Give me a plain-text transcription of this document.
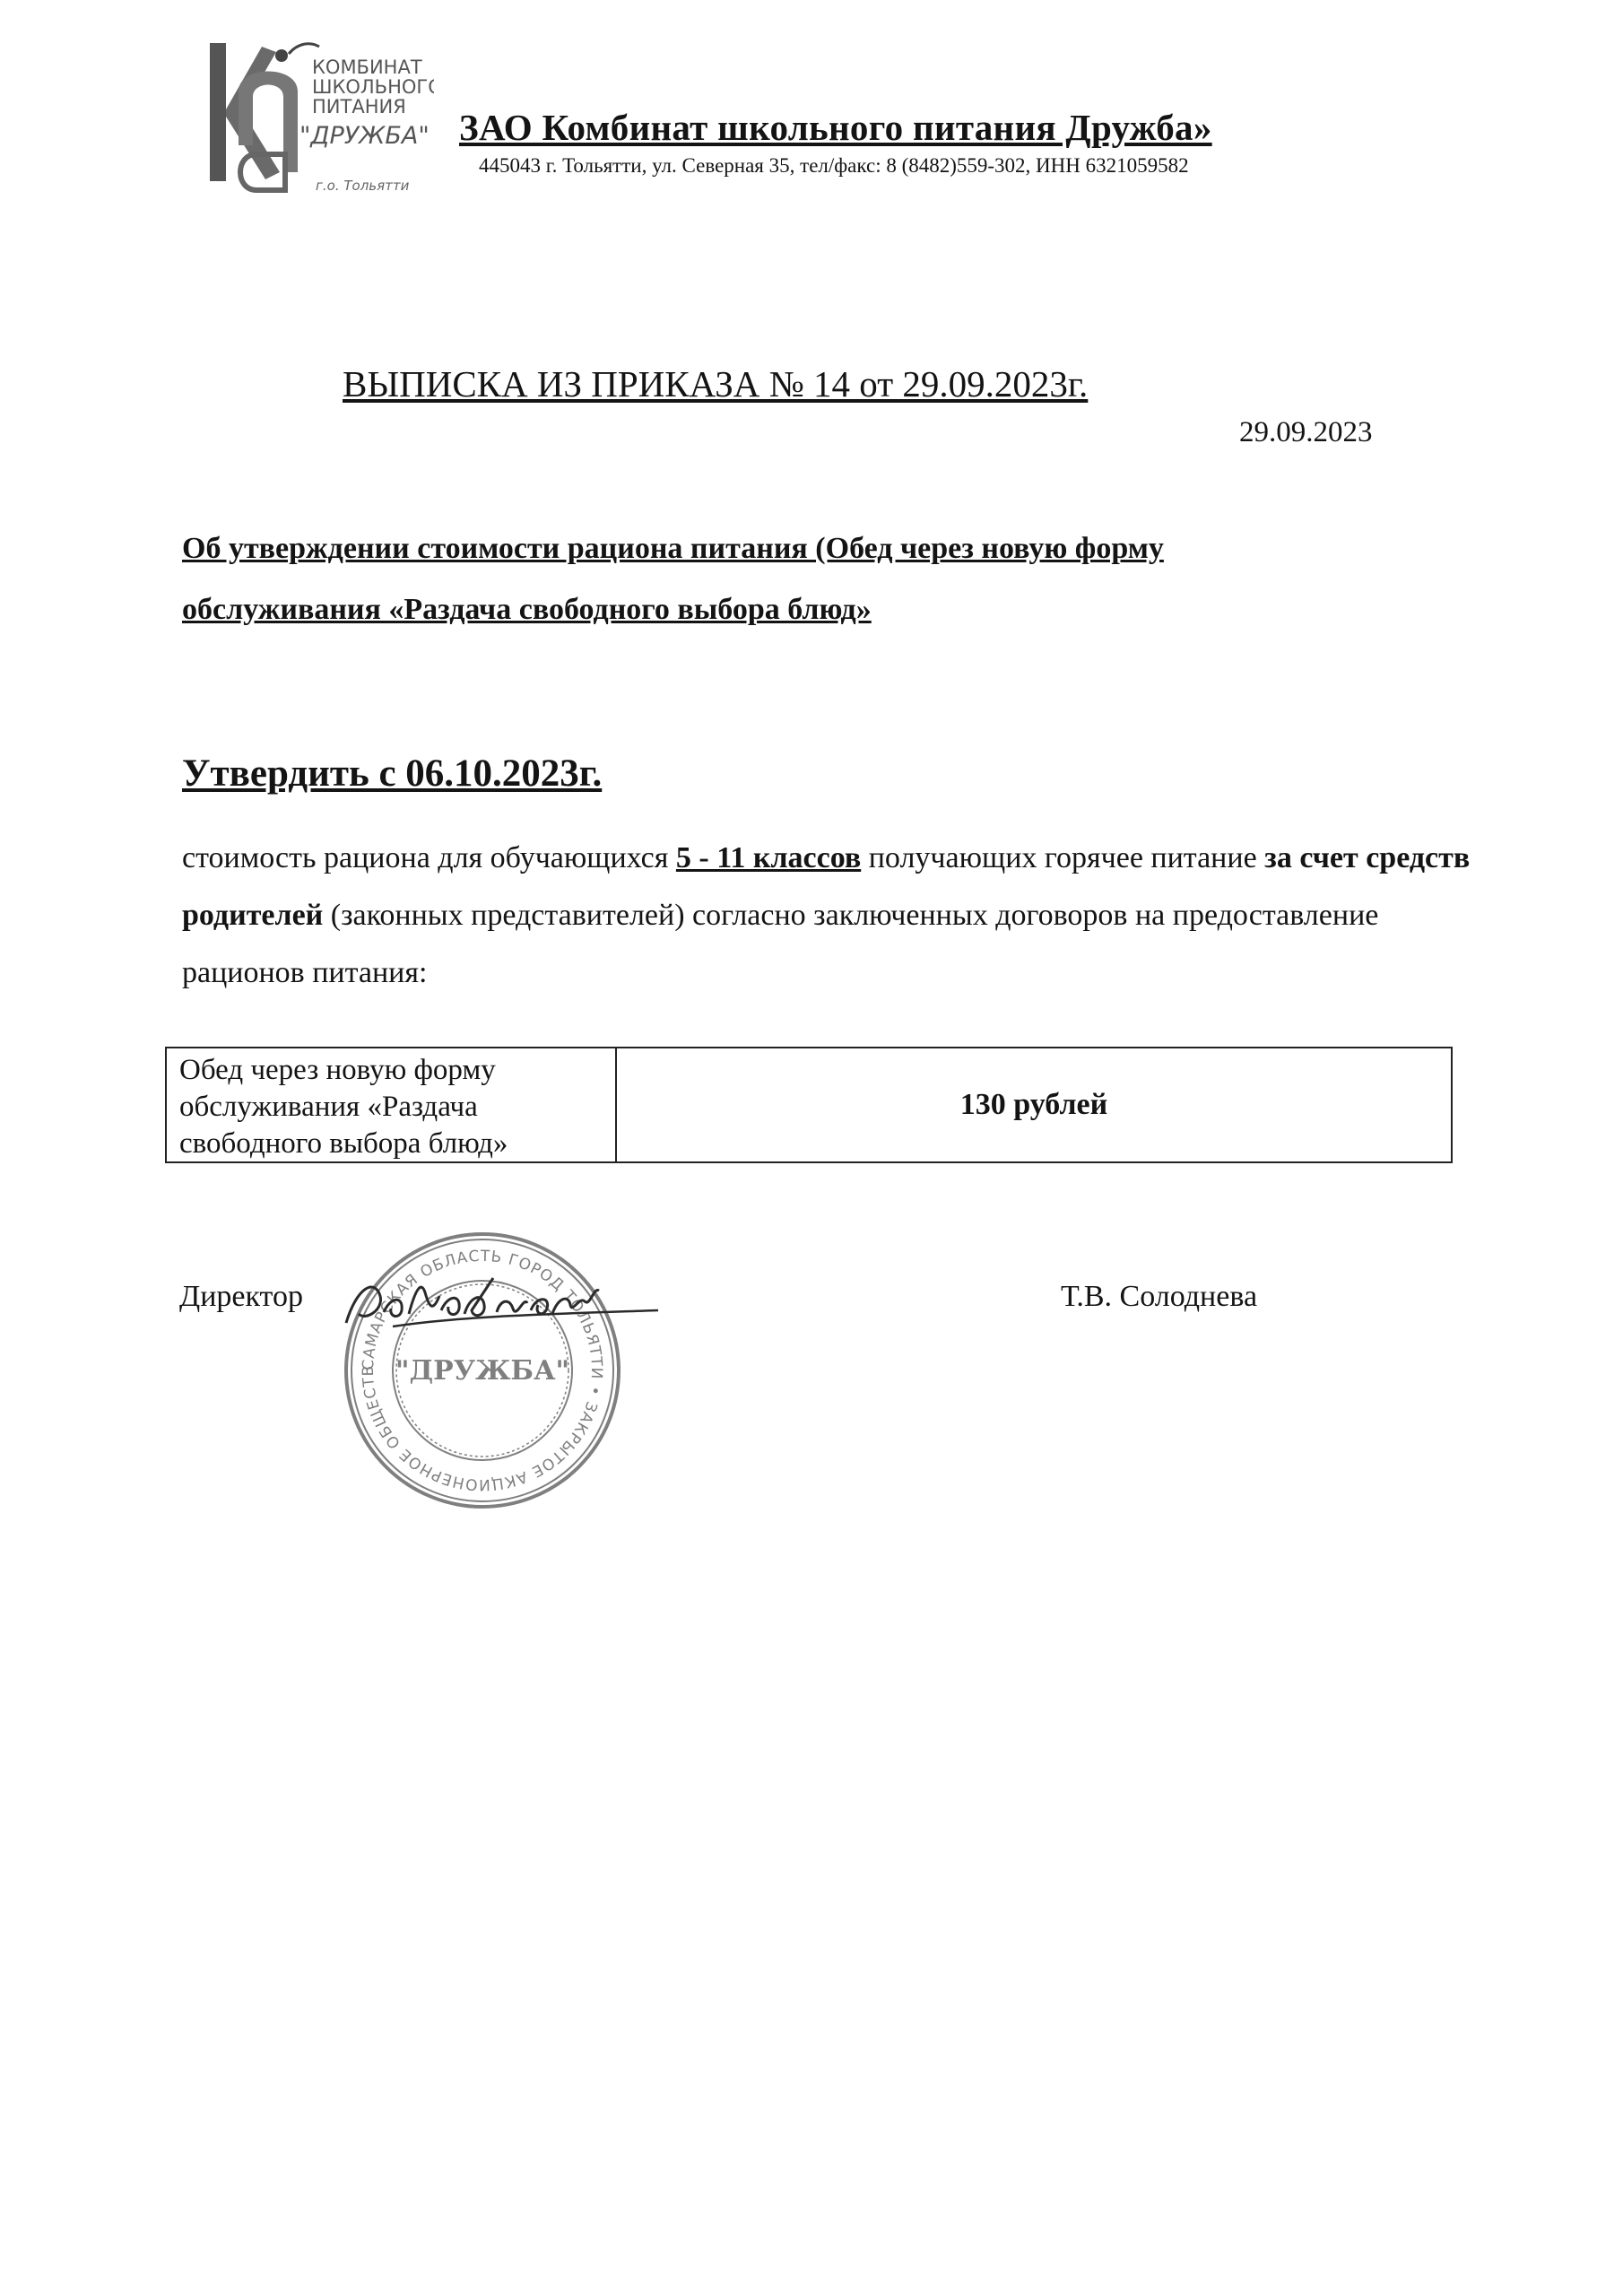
КОМБИНАТ
ШКОЛЬНОГО
ПИТАНИЯ
"ДРУЖБА"
г.о. Тольятти
ЗАО Комбинат школьного питания Дружба»
445043 г. Тольятти, ул. Северная 35, тел/факс: 8 (8482)559-302, ИНН 6321059582
ВЫПИСКА ИЗ ПРИКАЗА № 14 от 29.09.2023г.
29.09.2023
Об утверждении стоимости рациона питания (Обед через новую форму
обслуживания «Раздача свободного выбора блюд»
Утвердить с 06.10.2023г.
стоимость рациона для обучающихся 5 - 11 классов получающих горячее питание за счет средств родителей (законных представителей) согласно заключенных договоров на предоставление рационов питания:
Обед через новую форму обслуживания «Раздача свободного выбора блюд»
130 рублей
САМАРСКАЯ ОБЛАСТЬ ГОРОД ТОЛЬЯТТИ • ЗАКРЫТОЕ АКЦИОНЕРНОЕ ОБЩЕСТВ "ДРУЖБА"
Солоднева
Директор	Т.В. Солоднева
